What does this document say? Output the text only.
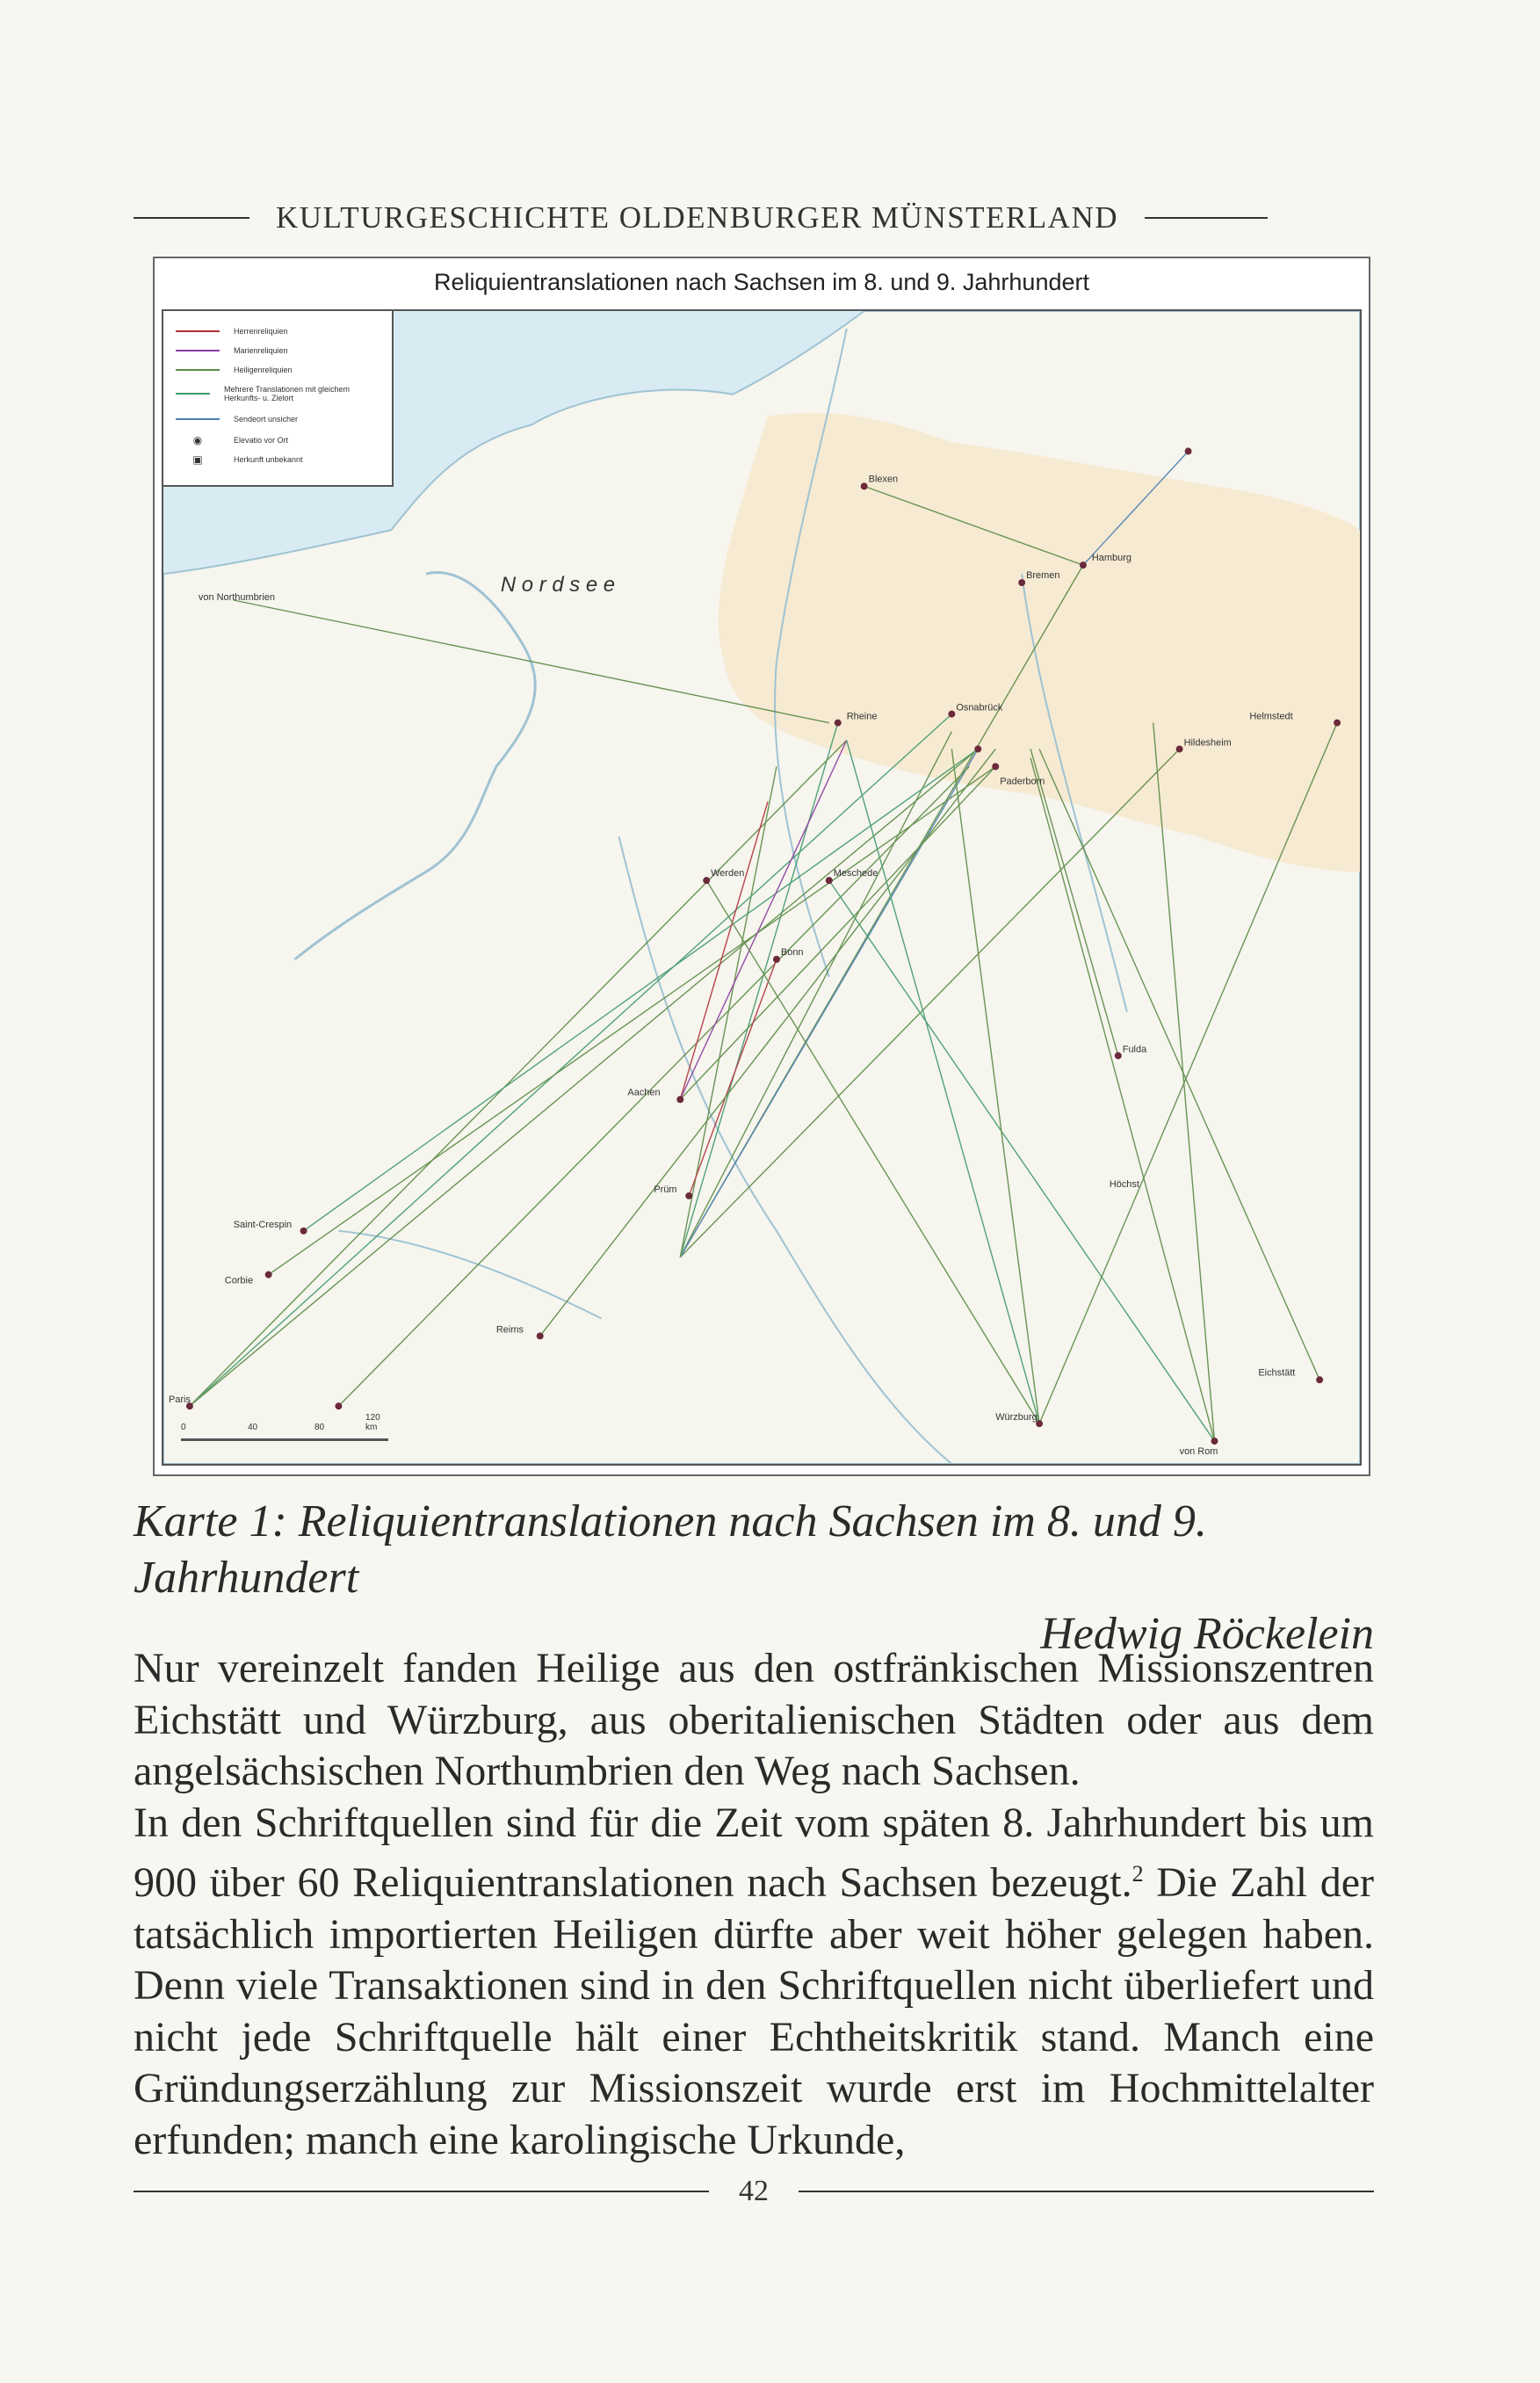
KULTURGESCHICHTE OLDENBURGER MÜNSTERLAND
Reliquientranslationen nach Sachsen im 8. und 9. Jahrhundert
von Northumbrien
N o r d s e e
Hamburg
Blexen
Bremen
Rheine
Osnabrück
Hildesheim
Helmstedt
Paderborn
Meschede
Werden
Aachen
Bonn
Prüm
Fulda
Eichstätt
Reims
Saint-Crespin
Corbie
Paris
Würzburg
von Rom
Höchst
Herrenreliquien
Marienreliquien
Heiligenreliquien
Mehrere Translationen mit gleichem Herkunfts- u. Zielort
Sendeort unsicher
◉	Elevatio vor Ort
▣	Herkunft unbekannt
0	40	80
120 km
Karte 1: Reliquientranslationen nach Sachsen im 8. und 9. Jahrhundert
Hedwig Röckelein

Nur vereinzelt fanden Heilige aus den ostfränkischen Missionszentren Eichstätt und Würzburg, aus oberitalienischen Städten oder aus dem angelsächsischen Northumbrien den Weg nach Sachsen.

In den Schriftquellen sind für die Zeit vom späten 8. Jahrhundert bis um 900 über 60 Reliquientranslationen nach Sachsen bezeugt.$^2$ Die Zahl der tatsächlich importierten Heiligen dürfte aber weit höher gelegen haben. Denn viele Transaktionen sind in den Schriftquellen nicht überliefert und nicht jede Schriftquelle hält einer Echtheitskritik stand. Manch eine Gründungserzählung zur Missionszeit wurde erst im Hochmittelalter erfunden; manch eine karolingische Urkunde,

42
